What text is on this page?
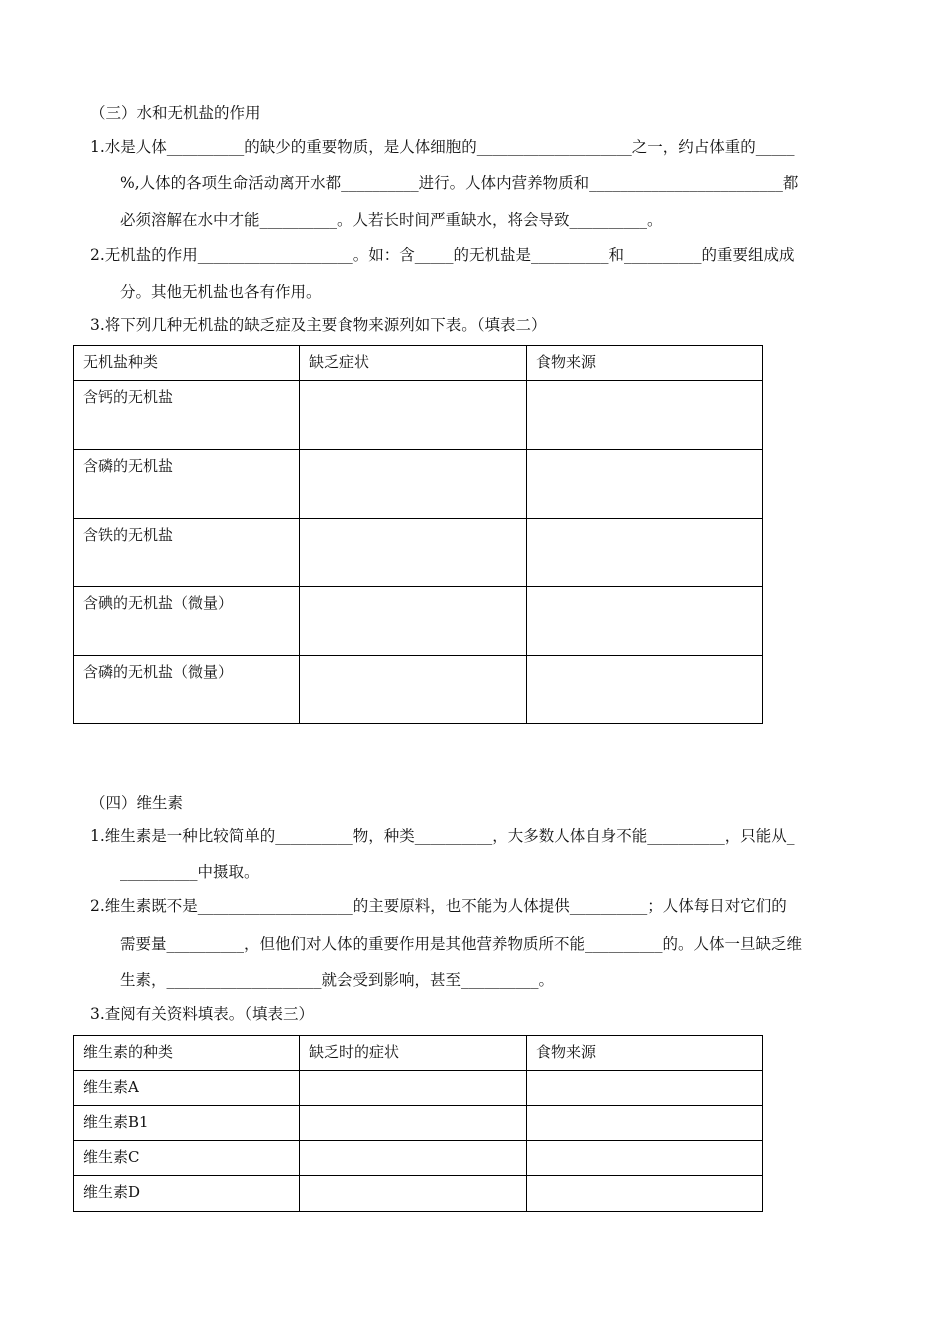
（三）水和无机盐的作用
1.水是人体__________的缺少的重要物质，是人体细胞的____________________之一，约占体重的_____
%,人体的各项生命活动离开水都__________进行。人体内营养物质和_________________________都
必须溶解在水中才能__________。人若长时间严重缺水，将会导致__________。
2.无机盐的作用____________________。如：含_____的无机盐是__________和__________的重要组成成
分。其他无机盐也各有作用。
3.将下列几种无机盐的缺乏症及主要食物来源列如下表。（填表二）
无机盐种类	缺乏症状	食物来源
含钙的无机盐		
含磷的无机盐		
含铁的无机盐		
含碘的无机盐（微量）		
含磷的无机盐（微量）		
（四）维生素
1.维生素是一种比较简单的__________物，种类__________，大多数人体自身不能__________，只能从_
__________中摄取。
2.维生素既不是____________________的主要原料，也不能为人体提供__________；人体每日对它们的
需要量__________，但他们对人体的重要作用是其他营养物质所不能__________的。人体一旦缺乏维
生素，____________________就会受到影响，甚至__________。
3.查阅有关资料填表。（填表三）
维生素的种类	缺乏时的症状	食物来源
维生素A		
维生素B1		
维生素C		
维生素D		
